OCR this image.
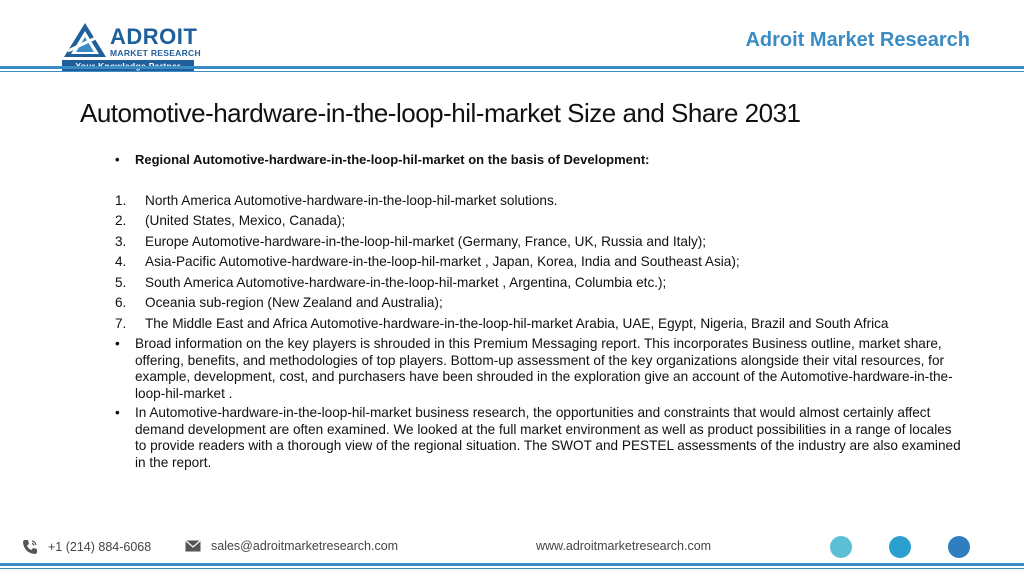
ADROIT
MARKET RESEARCH
Adroit Market Research
Automotive-hardware-in-the-loop-hil-market Size and Share 2031
• Regional Automotive-hardware-in-the-loop-hil-market on the basis of Development:
1. North America Automotive-hardware-in-the-loop-hil-market solutions.
2. (United States, Mexico, Canada);
3. Europe Automotive-hardware-in-the-loop-hil-market (Germany, France, UK, Russia and Italy);
4. Asia-Pacific Automotive-hardware-in-the-loop-hil-market , Japan, Korea, India and Southeast Asia);
5. South America Automotive-hardware-in-the-loop-hil-market , Argentina, Columbia etc.);
6. Oceania sub-region (New Zealand and Australia);
7. The Middle East and Africa Automotive-hardware-in-the-loop-hil-market Arabia, UAE, Egypt, Nigeria, Brazil and South Africa
• Broad information on the key players is shrouded in this Premium Messaging report. This incorporates Business outline, market share, offering, benefits, and methodologies of top players. Bottom-up assessment of the key organizations alongside their vital resources, for example, development, cost, and purchasers have been shrouded in the exploration give an account of the Automotive-hardware-in-the-loop-hil-market .
• In Automotive-hardware-in-the-loop-hil-market business research, the opportunities and constraints that would almost certainly affect demand development are often examined. We looked at the full market environment as well as product possibilities in a range of locales to provide readers with a thorough view of the regional situation. The SWOT and PESTEL assessments of the industry are also examined in the report.
+1 (214) 884-6068	sales@adroitmarketresearch.com	www.adroitmarketresearch.com
